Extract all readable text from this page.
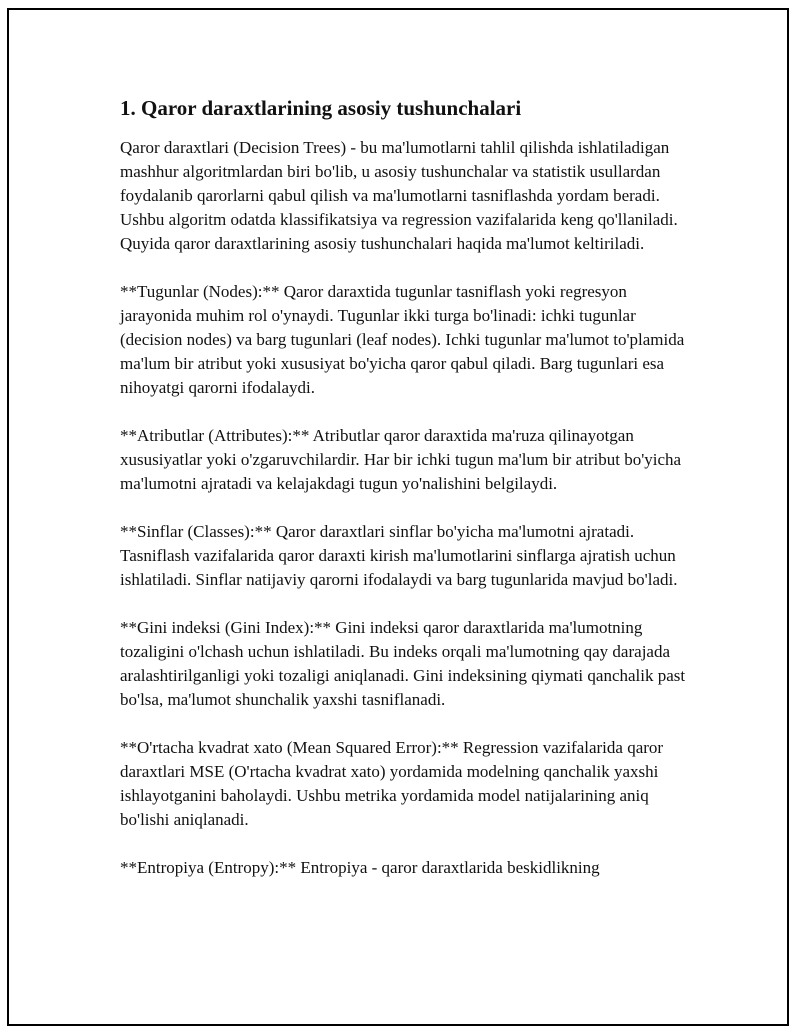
1. Qaror daraxtlarining asosiy tushunchalari

Qaror daraxtlari (Decision Trees) - bu ma'lumotlarni tahlil qilishda ishlatiladigan mashhur algoritmlardan biri bo'lib, u asosiy tushunchalar va statistik usullardan foydalanib qarorlarni qabul qilish va ma'lumotlarni tasniflashda yordam beradi. Ushbu algoritm odatda klassifikatsiya va regression vazifalarida keng qo'llaniladi. Quyida qaror daraxtlarining asosiy tushunchalari haqida ma'lumot keltiriladi.

**Tugunlar (Nodes):** Qaror daraxtida tugunlar tasniflash yoki regresyon jarayonida muhim rol o'ynaydi. Tugunlar ikki turga bo'linadi: ichki tugunlar (decision nodes) va barg tugunlari (leaf nodes). Ichki tugunlar ma'lumot to'plamida ma'lum bir atribut yoki xususiyat bo'yicha qaror qabul qiladi. Barg tugunlari esa nihoyatgi qarorni ifodalaydi.

**Atributlar (Attributes):** Atributlar qaror daraxtida ma'ruza qilinayotgan xususiyatlar yoki o'zgaruvchilardir. Har bir ichki tugun ma'lum bir atribut bo'yicha ma'lumotni ajratadi va kelajakdagi tugun yo'nalishini belgilaydi.

**Sinflar (Classes):** Qaror daraxtlari sinflar bo'yicha ma'lumotni ajratadi. Tasniflash vazifalarida qaror daraxti kirish ma'lumotlarini sinflarga ajratish uchun ishlatiladi. Sinflar natijaviy qarorni ifodalaydi va barg tugunlarida mavjud bo'ladi.

**Gini indeksi (Gini Index):** Gini indeksi qaror daraxtlarida ma'lumotning tozaligini o'lchash uchun ishlatiladi. Bu indeks orqali ma'lumotning qay darajada aralashtirilganligi yoki tozaligi aniqlanadi. Gini indeksining qiymati qanchalik past bo'lsa, ma'lumot shunchalik yaxshi tasniflanadi.

**O'rtacha kvadrat xato (Mean Squared Error):** Regression vazifalarida qaror daraxtlari MSE (O'rtacha kvadrat xato) yordamida modelning qanchalik yaxshi ishlayotganini baholaydi. Ushbu metrika yordamida model natijalarining aniq bo'lishi aniqlanadi.

**Entropiya (Entropy):** Entropiya - qaror daraxtlarida beskidlikning
